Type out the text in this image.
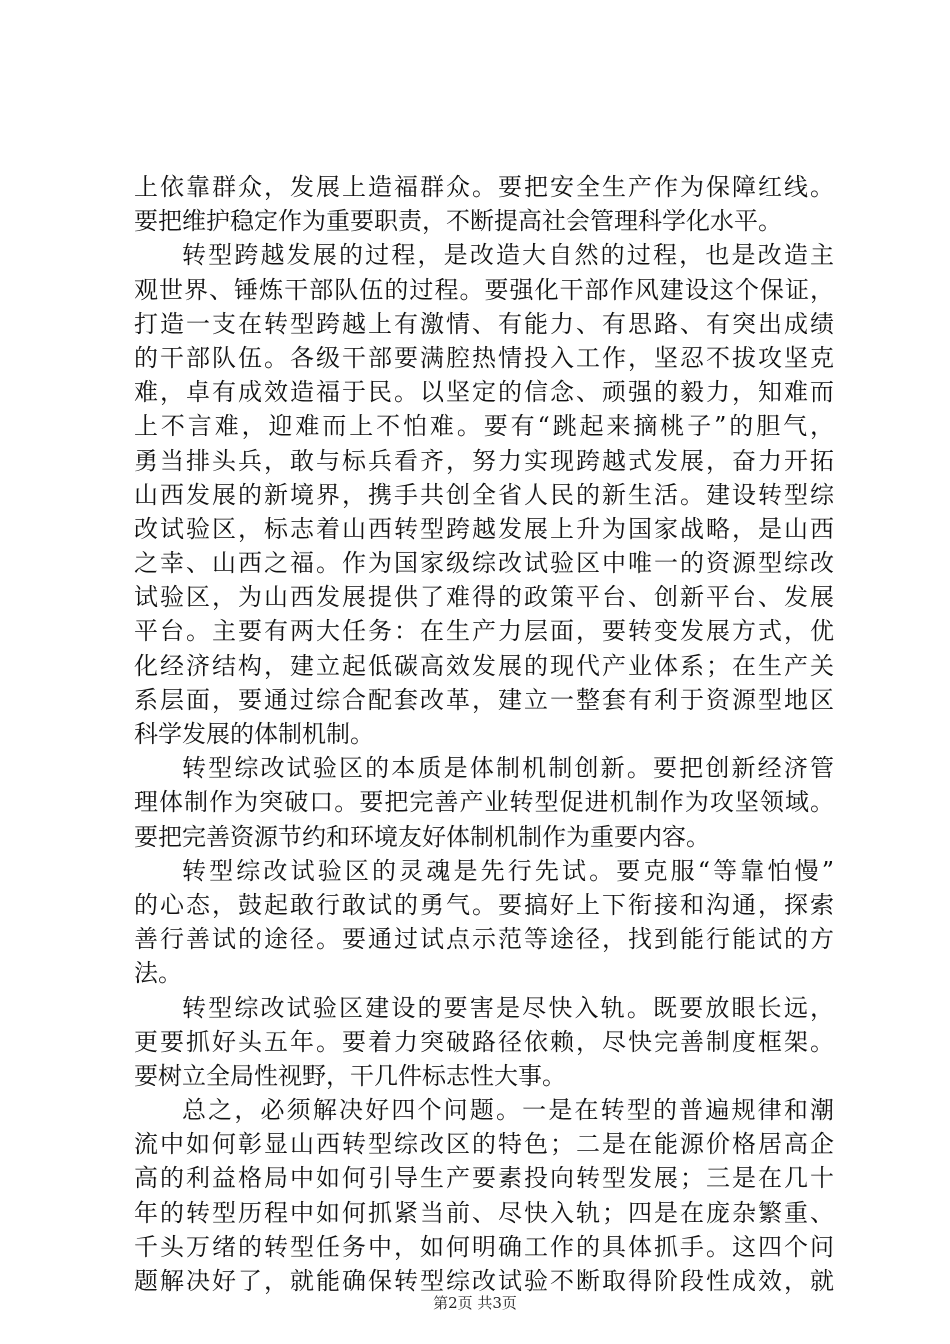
上依靠群众，发展上造福群众。要把安全生产作为保障红线。
要把维护稳定作为重要职责，不断提高社会管理科学化水平。
转型跨越发展的过程，是改造大自然的过程，也是改造主
观世界、锤炼干部队伍的过程。要强化干部作风建设这个保证，
打造一支在转型跨越上有激情、有能力、有思路、有突出成绩
的干部队伍。各级干部要满腔热情投入工作，坚忍不拔攻坚克
难，卓有成效造福于民。以坚定的信念、顽强的毅力，知难而
上不言难，迎难而上不怕难。要有“跳起来摘桃子”的胆气，
勇当排头兵，敢与标兵看齐，努力实现跨越式发展，奋力开拓
山西发展的新境界，携手共创全省人民的新生活。建设转型综
改试验区，标志着山西转型跨越发展上升为国家战略，是山西
之幸、山西之福。作为国家级综改试验区中唯一的资源型综改
试验区，为山西发展提供了难得的政策平台、创新平台、发展
平台。主要有两大任务：在生产力层面，要转变发展方式，优
化经济结构，建立起低碳高效发展的现代产业体系；在生产关
系层面，要通过综合配套改革，建立一整套有利于资源型地区
科学发展的体制机制。
转型综改试验区的本质是体制机制创新。要把创新经济管
理体制作为突破口。要把完善产业转型促进机制作为攻坚领域。
要把完善资源节约和环境友好体制机制作为重要内容。
转型综改试验区的灵魂是先行先试。要克服“等靠怕慢”
的心态，鼓起敢行敢试的勇气。要搞好上下衔接和沟通，探索
善行善试的途径。要通过试点示范等途径，找到能行能试的方
法。
转型综改试验区建设的要害是尽快入轨。既要放眼长远，
更要抓好头五年。要着力突破路径依赖，尽快完善制度框架。
要树立全局性视野，干几件标志性大事。
总之，必须解决好四个问题。一是在转型的普遍规律和潮
流中如何彰显山西转型综改区的特色；二是在能源价格居高企
高的利益格局中如何引导生产要素投向转型发展；三是在几十
年的转型历程中如何抓紧当前、尽快入轨；四是在庞杂繁重、
千头万绪的转型任务中，如何明确工作的具体抓手。这四个问
题解决好了，就能确保转型综改试验不断取得阶段性成效，就
第2页 共3页
